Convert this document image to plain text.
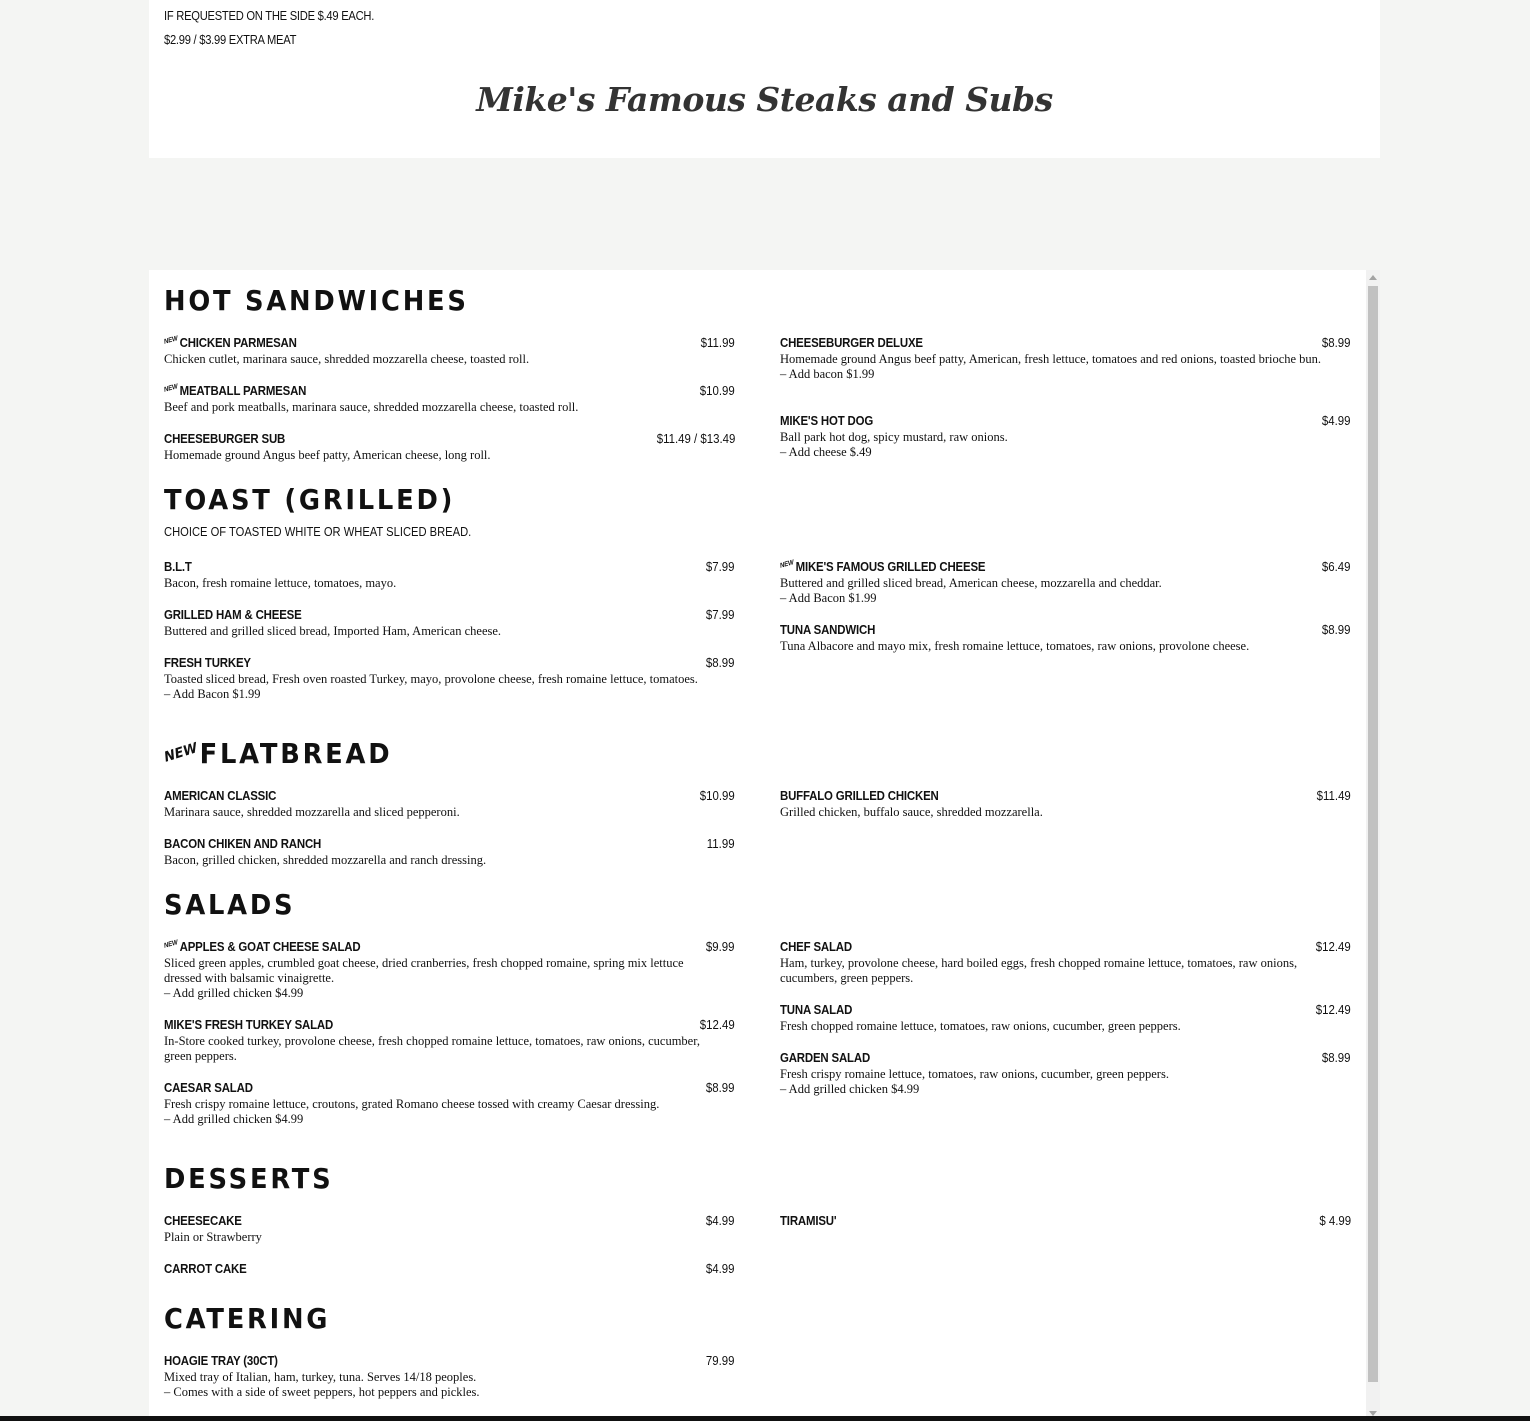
IF REQUESTED ON THE SIDE $.49 EACH.
$2.99 / $3.99 EXTRA MEAT
Mike's Famous Steaks and Subs
HOT SANDWICHES
NEWCHICKEN PARMESAN	$11.99
Chicken cutlet, marinara sauce, shredded mozzarella cheese, toasted roll.
NEWMEATBALL PARMESAN	$10.99
Beef and pork meatballs, marinara sauce, shredded mozzarella cheese, toasted roll.
CHEESEBURGER SUB	$11.49 / $13.49
Homemade ground Angus beef patty, American cheese, long roll.
CHEESEBURGER DELUXE	$8.99
Homemade ground Angus beef patty, American, fresh lettuce, tomatoes and red onions, toasted brioche bun.
– Add bacon $1.99
MIKE'S HOT DOG	$4.99
Ball park hot dog, spicy mustard, raw onions.
– Add cheese $.49
TOAST (GRILLED)
CHOICE OF TOASTED WHITE OR WHEAT SLICED BREAD.
B.L.T	$7.99
Bacon, fresh romaine lettuce, tomatoes, mayo.
GRILLED HAM & CHEESE	$7.99
Buttered and grilled sliced bread, Imported Ham, American cheese.
FRESH TURKEY	$8.99
Toasted sliced bread, Fresh oven roasted Turkey, mayo, provolone cheese, fresh romaine lettuce, tomatoes.
– Add Bacon $1.99
NEWMIKE'S FAMOUS GRILLED CHEESE	$6.49
Buttered and grilled sliced bread, American cheese, mozzarella and cheddar.
– Add Bacon $1.99
TUNA SANDWICH	$8.99
Tuna Albacore and mayo mix, fresh romaine lettuce, tomatoes, raw onions, provolone cheese.
NEWFLATBREAD
AMERICAN CLASSIC	$10.99
Marinara sauce, shredded mozzarella and sliced pepperoni.
BACON CHIKEN AND RANCH	11.99
Bacon, grilled chicken, shredded mozzarella and ranch dressing.
BUFFALO GRILLED CHICKEN	$11.49
Grilled chicken, buffalo sauce, shredded mozzarella.
SALADS
NEWAPPLES & GOAT CHEESE SALAD	$9.99
Sliced green apples, crumbled goat cheese, dried cranberries, fresh chopped romaine, spring mix lettuce dressed with balsamic vinaigrette.
– Add grilled chicken $4.99
MIKE'S FRESH TURKEY SALAD	$12.49
In-Store cooked turkey, provolone cheese, fresh chopped romaine lettuce, tomatoes, raw onions, cucumber, green peppers.
CAESAR SALAD	$8.99
Fresh crispy romaine lettuce, croutons, grated Romano cheese tossed with creamy Caesar dressing.
– Add grilled chicken $4.99
CHEF SALAD	$12.49
Ham, turkey, provolone cheese, hard boiled eggs, fresh chopped romaine lettuce, tomatoes, raw onions, cucumbers, green peppers.
TUNA SALAD	$12.49
Fresh chopped romaine lettuce, tomatoes, raw onions, cucumber, green peppers.
GARDEN SALAD	$8.99
Fresh crispy romaine lettuce, tomatoes, raw onions, cucumber, green peppers.
– Add grilled chicken $4.99
DESSERTS
CHEESECAKE	$4.99
Plain or Strawberry
CARROT CAKE	$4.99
TIRAMISU'	$ 4.99
CATERING
HOAGIE TRAY (30CT)	79.99
Mixed tray of Italian, ham, turkey, tuna. Serves 14/18 peoples.
– Comes with a side of sweet peppers, hot peppers and pickles.
